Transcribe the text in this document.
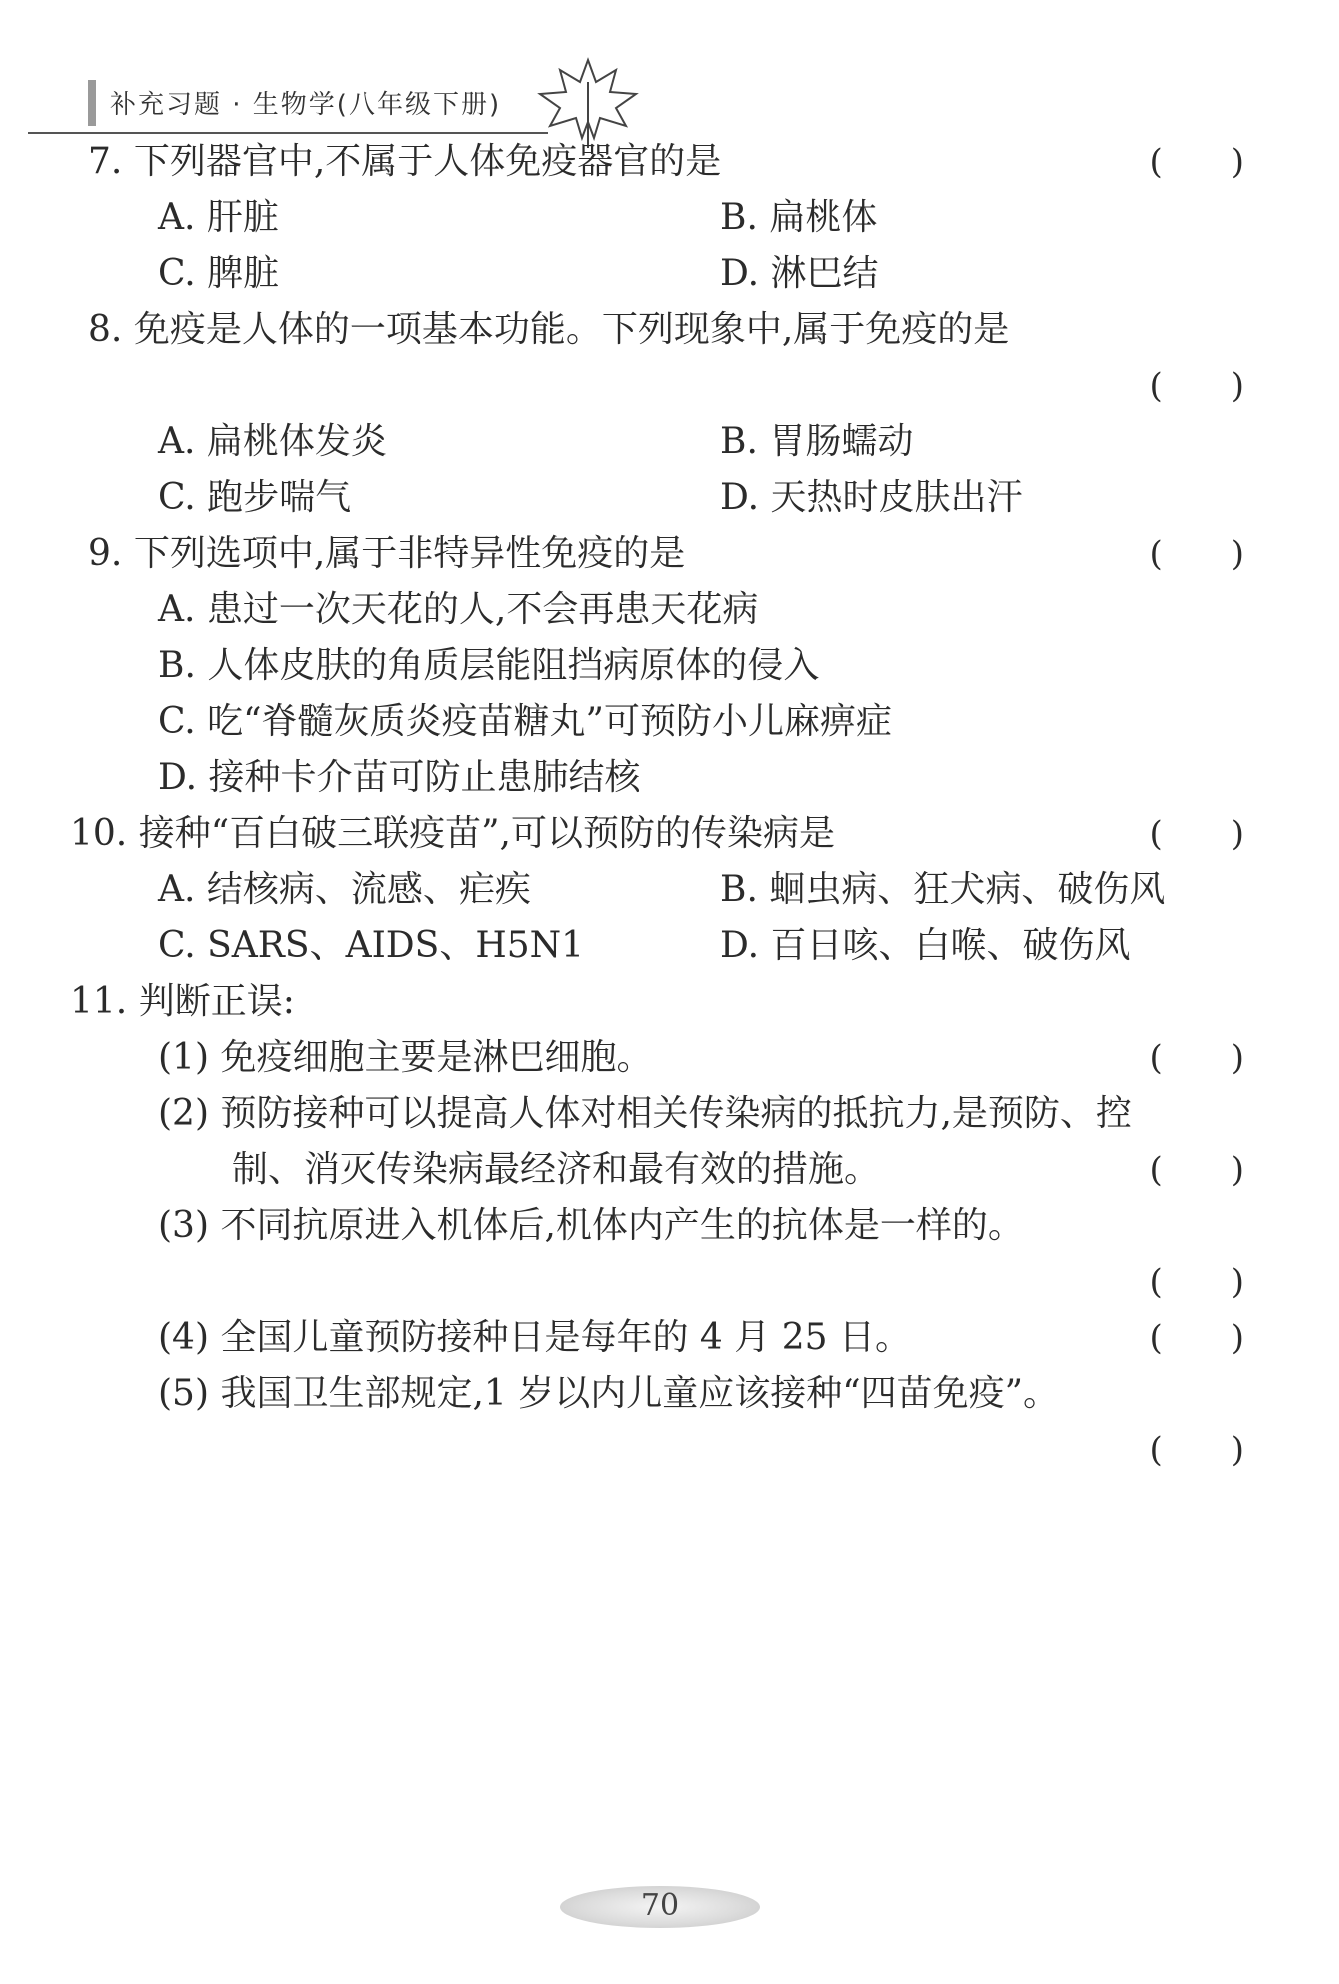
补充习题 · 生物学(八年级下册)
7. 下列器官中,不属于人体免疫器官的是	(　　)
A. 肝脏	B. 扁桃体
C. 脾脏	D. 淋巴结
8. 免疫是人体的一项基本功能。下列现象中,属于免疫的是
(　　)
A. 扁桃体发炎	B. 胃肠蠕动
C. 跑步喘气	D. 天热时皮肤出汗
9. 下列选项中,属于非特异性免疫的是	(　　)
A. 患过一次天花的人,不会再患天花病
B. 人体皮肤的角质层能阻挡病原体的侵入
C. 吃“脊髓灰质炎疫苗糖丸”可预防小儿麻痹症
D. 接种卡介苗可防止患肺结核
10. 接种“百白破三联疫苗”,可以预防的传染病是	(　　)
A. 结核病、流感、疟疾	B. 蛔虫病、狂犬病、破伤风
C. SARS、AIDS、H5N1	D. 百日咳、白喉、破伤风
11. 判断正误:
(1) 免疫细胞主要是淋巴细胞。	(　　)
(2) 预防接种可以提高人体对相关传染病的抵抗力,是预防、控
制、消灭传染病最经济和最有效的措施。	(　　)
(3) 不同抗原进入机体后,机体内产生的抗体是一样的。
(　　)
(4) 全国儿童预防接种日是每年的 4 月 25 日。	(　　)
(5) 我国卫生部规定,1 岁以内儿童应该接种“四苗免疫”。
(　　)
70
